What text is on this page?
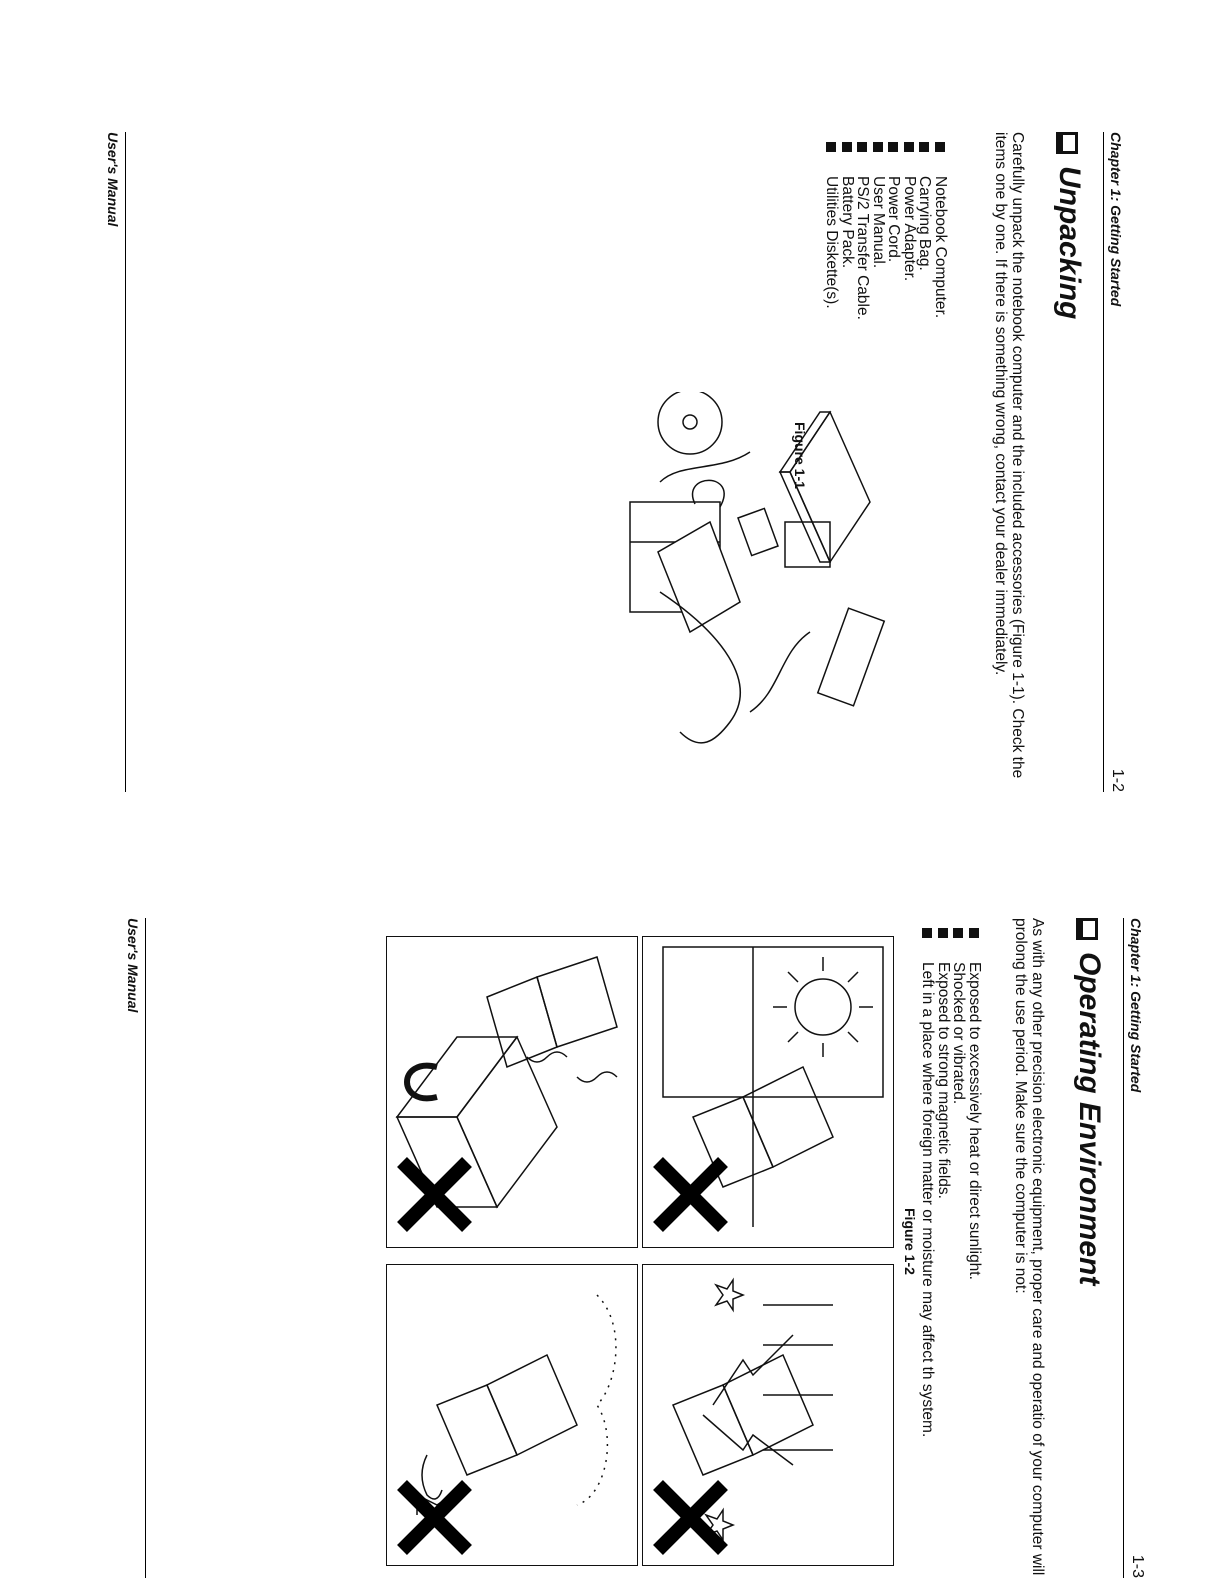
Chapter 1: Getting Started
1-2
Unpacking
Carefully unpack the notebook computer and the included accessories (Figure 1-1). Check the items one by one. If there is something wrong, contact your dealer immediately.
Notebook Computer.
Carrying Bag.
Power Adapter.
Power Cord.
User Manual.
PS/2 Transfer Cable.
Battery Pack.
Utilities Diskette(s).
Figure 1-1
User's Manual
Chapter 1: Getting Started
1-3
Operating Environment
As with any other precision electronic equipment, proper care and operatio of your computer will prolong the use period. Make sure the computer is not:
Exposed to excessively heat or direct sunlight.
Shocked or vibrated.
Exposed to strong magnetic fields.
Left in a place where foreign matter or moisture may affect th system.
Figure 1-2
User's Manual
